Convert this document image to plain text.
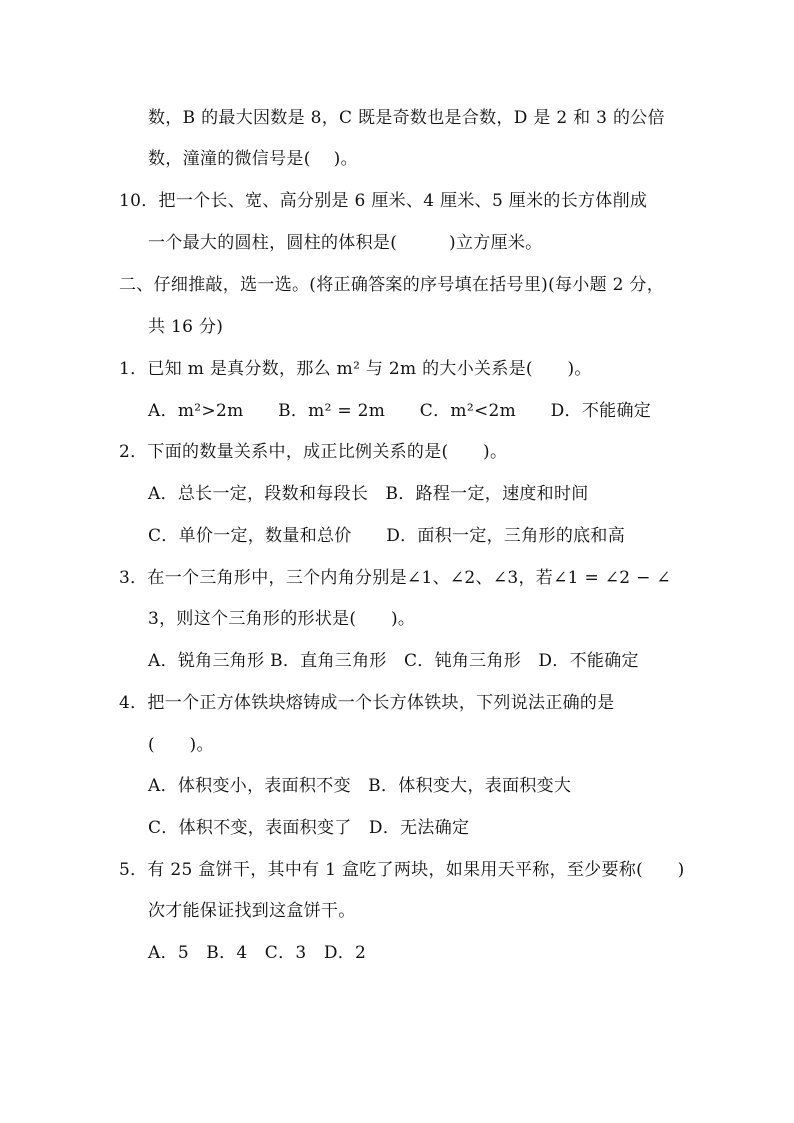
数，B 的最大因数是 8，C 既是奇数也是合数，D 是 2 和 3 的公倍
数，潼潼的微信号是(　 )。
10．把一个长、宽、高分别是 6 厘米、4 厘米、5 厘米的长方体削成
一个最大的圆柱，圆柱的体积是(　　　)立方厘米。
二、仔细推敲，选一选。(将正确答案的序号填在括号里)(每小题 2 分，
共 16 分)
1．已知 m 是真分数，那么 m² 与 2m 的大小关系是(　　)。
A．m²>2m　　B．m² = 2m　　C．m²<2m　　D．不能确定
2．下面的数量关系中，成正比例关系的是(　　)。
A．总长一定，段数和每段长　B．路程一定，速度和时间
C．单价一定，数量和总价　　D．面积一定，三角形的底和高
3．在一个三角形中，三个内角分别是∠1、∠2、∠3，若∠1 = ∠2 − ∠
3，则这个三角形的形状是(　　)。
A．锐角三角形 B．直角三角形　C．钝角三角形　D．不能确定
4．把一个正方体铁块熔铸成一个长方体铁块，下列说法正确的是
(　　)。
A．体积变小，表面积不变　B．体积变大，表面积变大
C．体积不变，表面积变了　D．无法确定
5．有 25 盒饼干，其中有 1 盒吃了两块，如果用天平称，至少要称(　　)
次才能保证找到这盒饼干。
A．5　B．4　C．3　D．2
